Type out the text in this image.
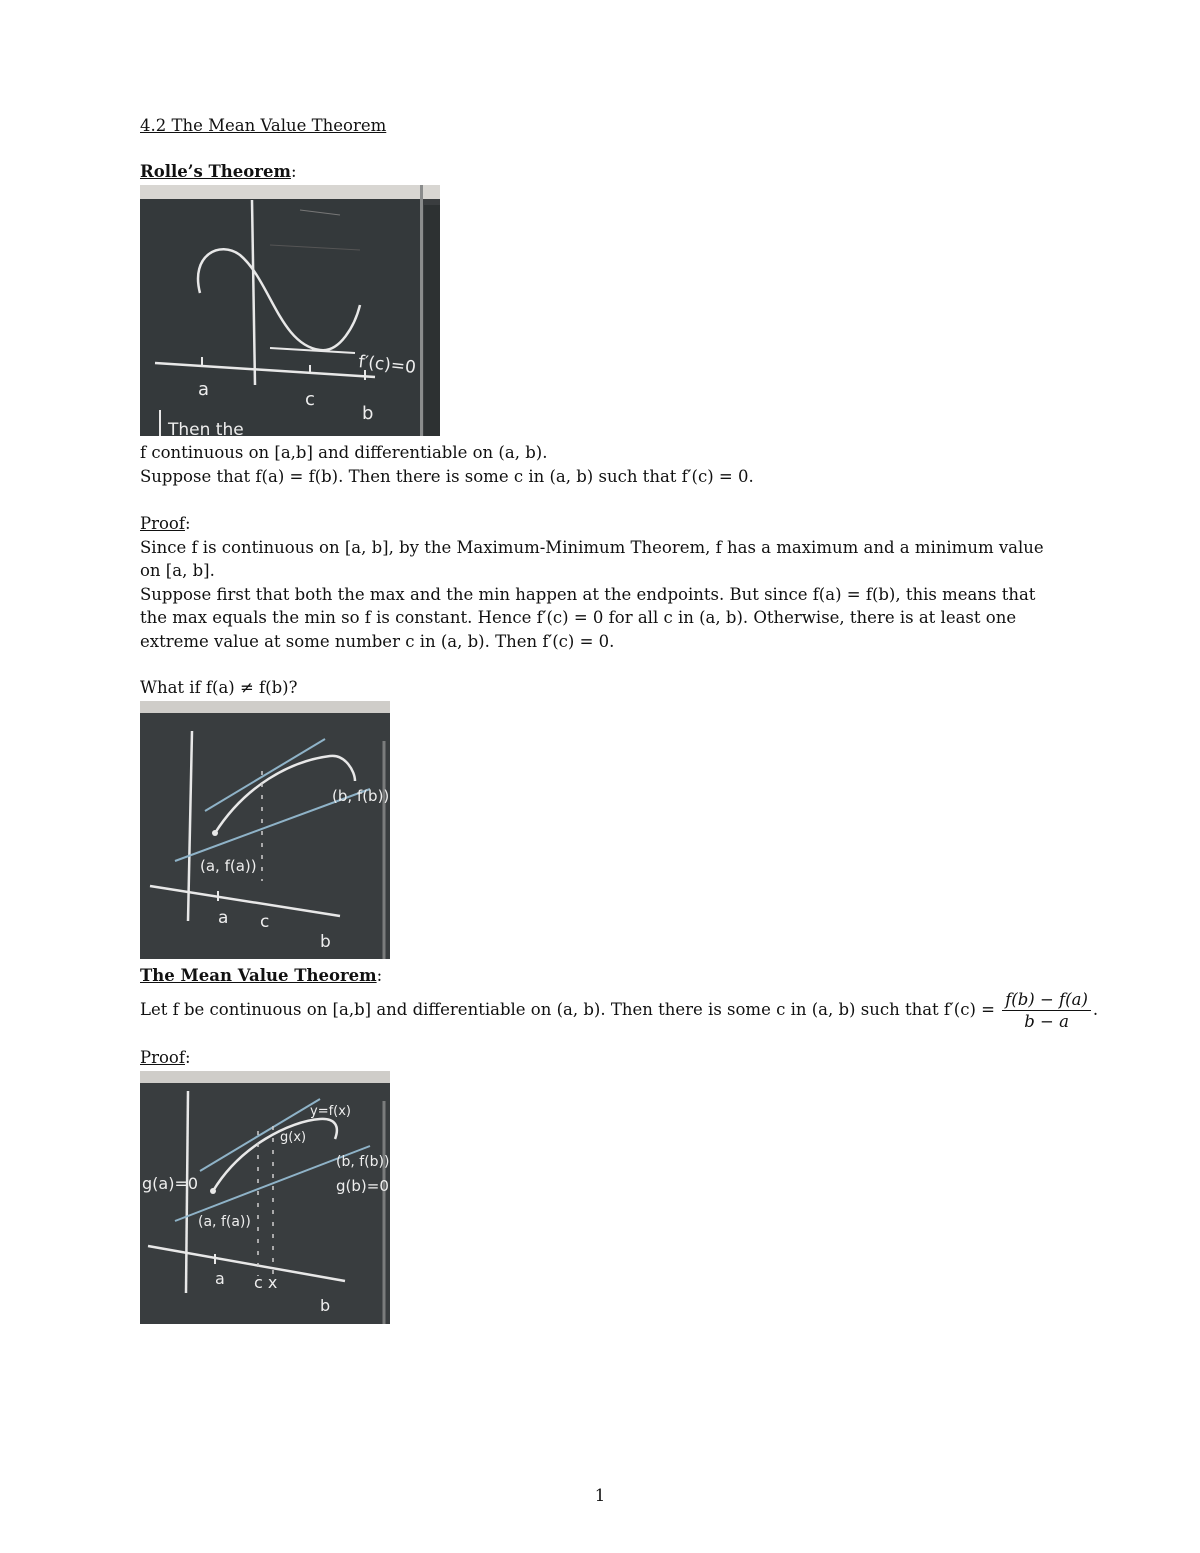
4.2 The Mean Value Theorem

Rolle’s Theorem:

a	c
b
f′(c)=0
Then the

f continuous on [a,b] and differentiable on (a, b).

Suppose that f(a) = f(b). Then there is some c in (a, b) such that f′(c) = 0.

Proof:

Since f is continuous on [a, b], by the Maximum-Minimum Theorem, f has a maximum and a minimum value

on [a, b].

Suppose first that both the max and the min happen at the endpoints. But since f(a) = f(b), this means that

the max equals the min so f is constant. Hence f′(c) = 0 for all c in (a, b). Otherwise, there is at least one

extreme value at some number c in (a, b). Then f′(c) = 0.

What if f(a) ≠ f(b)?

(a, f(a))
(b, f(b))
a c
b

The Mean Value Theorem:

Let f be continuous on [a,b] and differentiable on (a, b). Then there is some c in (a, b) such that $f'(c) = \frac{f(b) - f(a)}{b - a}$ .

Proof:

y=f(x)
g(x)
(b, f(b))
g(b)=0
g(a)=0
(a, f(a))
a c x
b
1
